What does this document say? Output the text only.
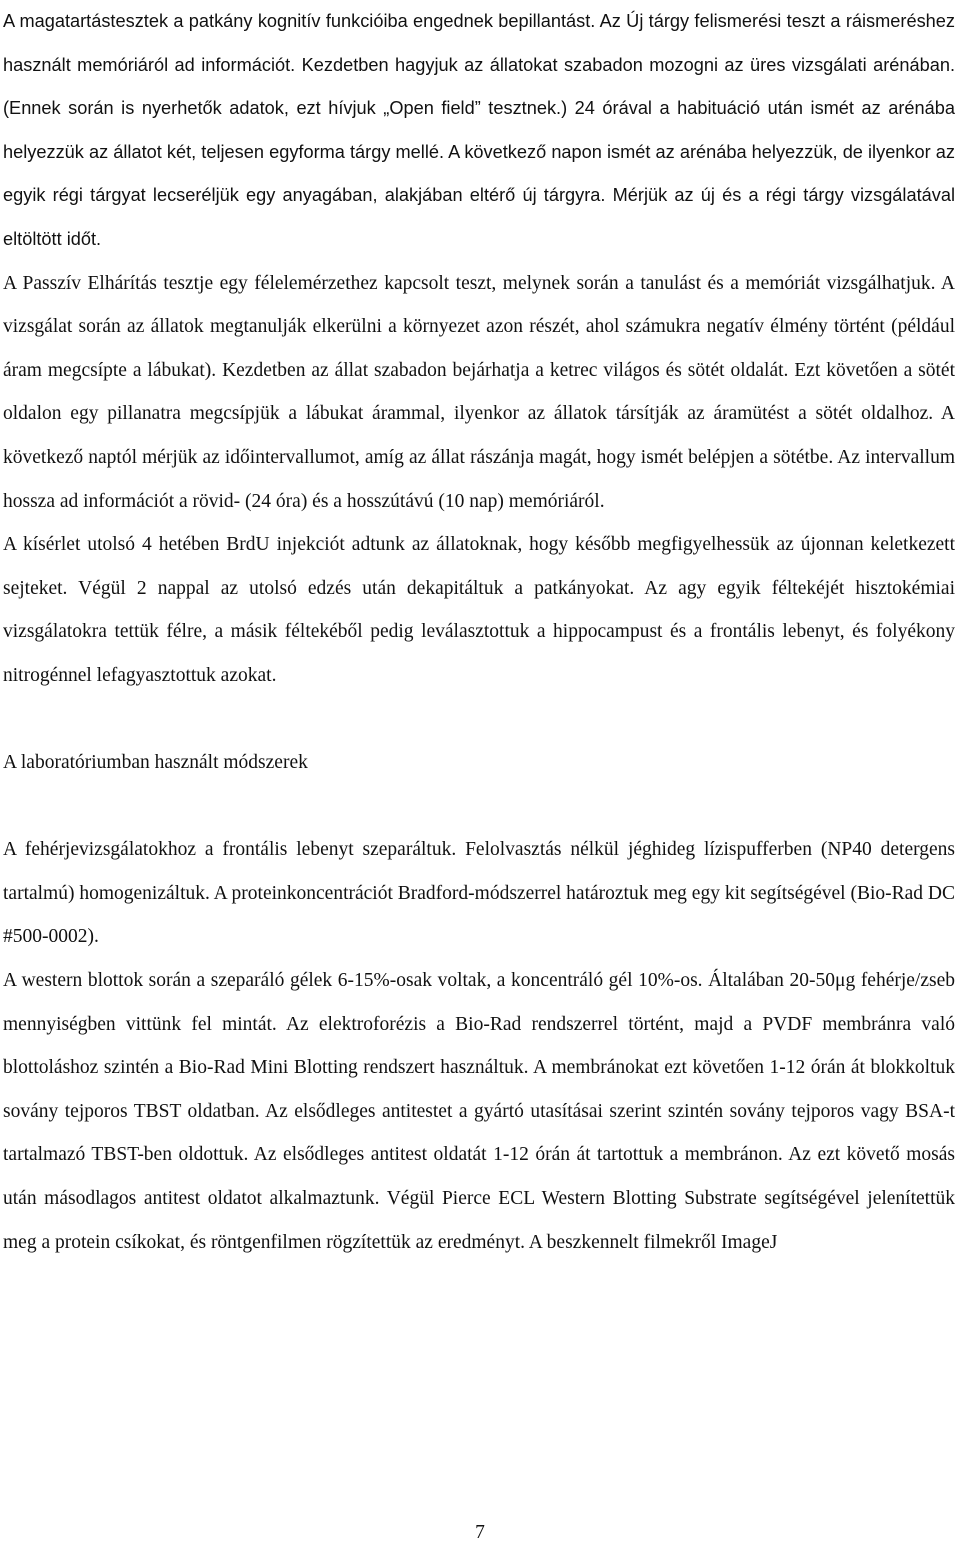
A magatartástesztek a patkány kognitív funkcióiba engednek bepillantást. Az Új tárgy felismerési teszt a ráismeréshez használt memóriáról ad információt. Kezdetben hagyjuk az állatokat szabadon mozogni az üres vizsgálati arénában. (Ennek során is nyerhetők adatok, ezt hívjuk „Open field” tesztnek.) 24 órával a habituáció után ismét az arénába helyezzük az állatot két, teljesen egyforma tárgy mellé. A következő napon ismét az arénába helyezzük, de ilyenkor az egyik régi tárgyat lecseréljük egy anyagában, alakjában eltérő új tárgyra. Mérjük az új és a régi tárgy vizsgálatával eltöltött időt.

A Passzív Elhárítás tesztje egy félelemérzethez kapcsolt teszt, melynek során a tanulást és a memóriát vizsgálhatjuk. A vizsgálat során az állatok megtanulják elkerülni a környezet azon részét, ahol számukra negatív élmény történt (például áram megcsípte a lábukat). Kezdetben az állat szabadon bejárhatja a ketrec világos és sötét oldalát. Ezt követően a sötét oldalon egy pillanatra megcsípjük a lábukat árammal, ilyenkor az állatok társítják az áramütést a sötét oldalhoz. A következő naptól mérjük az időintervallumot, amíg az állat rászánja magát, hogy ismét belépjen a sötétbe. Az intervallum hossza ad információt a rövid- (24 óra) és a hosszútávú (10 nap) memóriáról.

A kísérlet utolsó 4 hetében BrdU injekciót adtunk az állatoknak, hogy később megfigyelhessük az újonnan keletkezett sejteket. Végül 2 nappal az utolsó edzés után dekapitáltuk a patkányokat. Az agy egyik féltekéjét hisztokémiai vizsgálatokra tettük félre, a másik féltekéből pedig leválasztottuk a hippocampust és a frontális lebenyt, és folyékony nitrogénnel lefagyasztottuk azokat.

A laboratóriumban használt módszerek

A fehérjevizsgálatokhoz a frontális lebenyt szeparáltuk. Felolvasztás nélkül jéghideg lízispufferben (NP40 detergens tartalmú) homogenizáltuk. A proteinkoncentrációt Bradford-módszerrel határoztuk meg egy kit segítségével (Bio-Rad DC #500-0002).

A western blottok során a szeparáló gélek 6-15%-osak voltak, a koncentráló gél 10%-os. Általában 20-50μg fehérje/zseb mennyiségben vittünk fel mintát. Az elektroforézis a Bio-Rad rendszerrel történt, majd a PVDF membránra való blottoláshoz szintén a Bio-Rad Mini Blotting rendszert használtuk. A membránokat ezt követően 1-12 órán át blokkoltuk sovány tejporos TBST oldatban. Az elsődleges antitestet a gyártó utasításai szerint szintén sovány tejporos vagy BSA-t tartalmazó TBST-ben oldottuk. Az elsődleges antitest oldatát 1-12 órán át tartottuk a membránon. Az ezt követő mosás után másodlagos antitest oldatot alkalmaztunk. Végül Pierce ECL Western Blotting Substrate segítségével jelenítettük meg a protein csíkokat, és röntgenfilmen rögzítettük az eredményt. A beszkennelt filmekről ImageJ

7
